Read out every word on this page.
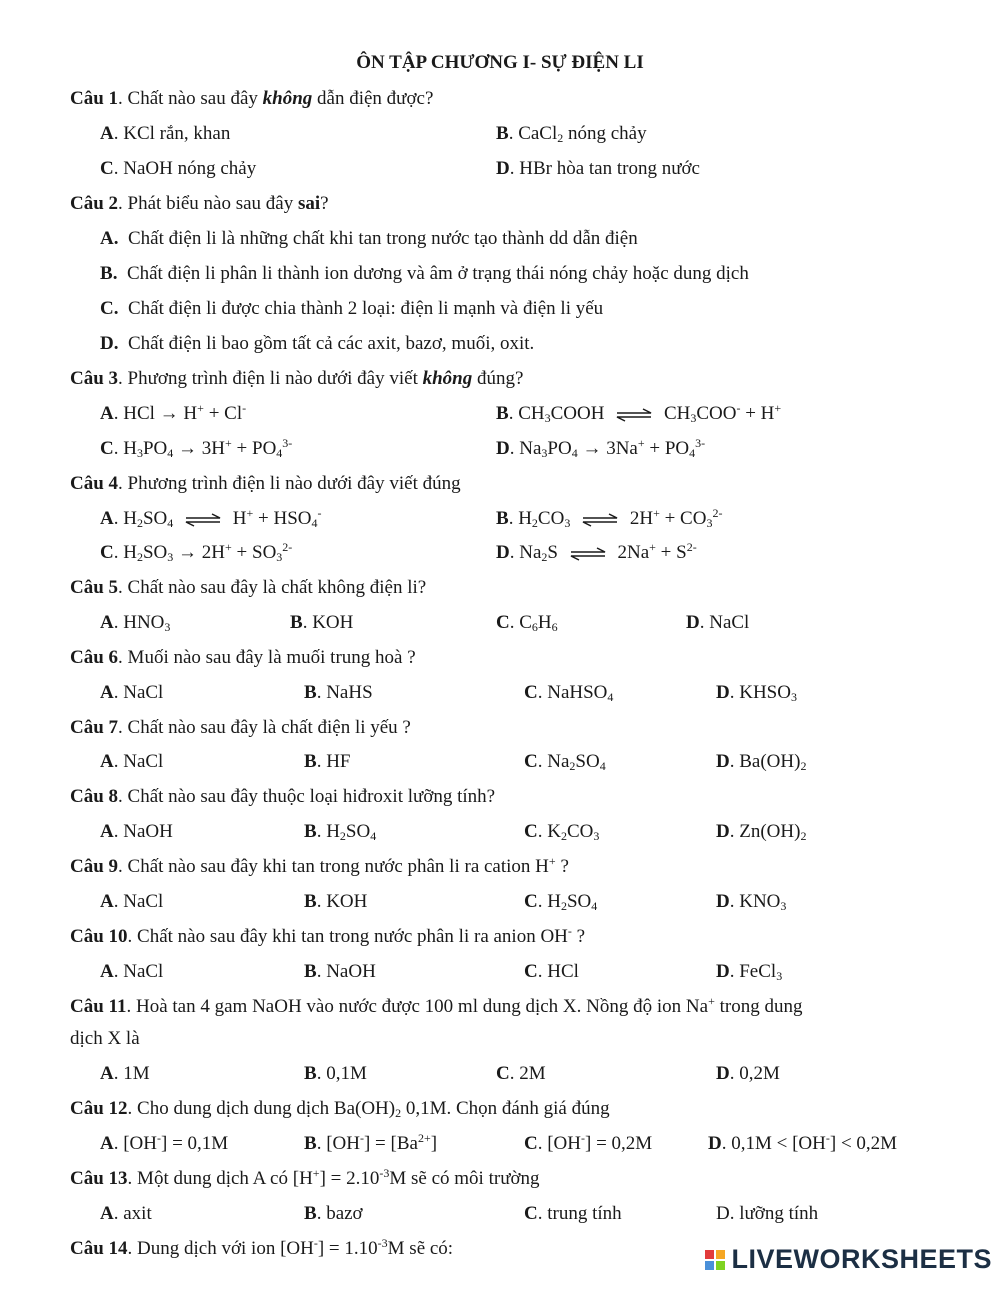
ÔN TẬP CHƯƠNG I- SỰ ĐIỆN LI
Câu 1. Chất nào sau đây không dẫn điện được?
A. KCl rắn, khan	B. CaCl$_2$ nóng chảy
C. NaOH nóng chảy	D. HBr hòa tan trong nước
Câu 2. Phát biểu nào sau đây sai?
A. Chất điện li là những chất khi tan trong nước tạo thành dd dẫn điện
B. Chất điện li phân li thành ion dương và âm ở trạng thái nóng chảy hoặc dung dịch
C. Chất điện li được chia thành 2 loại: điện li mạnh và điện li yếu
D. Chất điện li bao gồm tất cả các axit, bazơ, muối, oxit.
Câu 3. Phương trình điện li nào dưới đây viết không đúng?
A. HCl → H+ + Cl-	B. $CH_3COOH$ ⇌ $CH_3COO^- + H^+$
C. $H_3PO_4 \to 3H^+ + PO_4^{3-}$	D. $Na_3PO_4 \to 3Na^+ + PO_4^{3-}$
Câu 4. Phương trình điện li nào dưới đây viết đúng
A. $H_2SO_4$ ⇌ $H^+ + HSO_4^-$	B. $H_2CO_3$ ⇌ $2H^+ + CO_3^{2-}$
C. $H_2SO_3 \to 2H^+ + SO_3^{2-}$	D. $Na_2S$ ⇌ $2Na^+ + S^{2-}$
Câu 5. Chất nào sau đây là chất không điện li?
A. $HNO_3$	B. KOH	C. $C_6H_6$	D. NaCl
Câu 6. Muối nào sau đây là muối trung hoà ?
A. NaCl	B. NaHS	C. NaHSO$_4$	D. $KHSO_3$
Câu 7. Chất nào sau đây là chất điện li yếu ?
A. NaCl	B. HF	C. $Na_2SO_4$	D. $Ba(OH)_2$
Câu 8. Chất nào sau đây thuộc loại hiđroxit lưỡng tính?
A. NaOH	B. $H_2SO_4$	C. $K_2CO_3$	D. $Zn(OH)_2$
Câu 9. Chất nào sau đây khi tan trong nước phân li ra cation H+ ?
A. NaCl	B. KOH	C. $H_2SO_4$	D. $KNO_3$
Câu 10. Chất nào sau đây khi tan trong nước phân li ra anion OH- ?
A. NaCl	B. NaOH	C. HCl	D. FeCl$_3$
Câu 11. Hoà tan 4 gam NaOH vào nước được 100 ml dung dịch X. Nồng độ ion Na+ trong dung
dịch X là
A. 1M	B. 0,1M	C. 2M	D. 0,2M
Câu 12. Cho dung dịch dung dịch $Ba(OH)_2$ 0,1M. Chọn đánh giá đúng
A. [OH-] = 0,1M	B. $[OH^-] = [Ba^{2+}]$	C. [OH-] = 0,2M	D. 0,1M < [OH-] < 0,2M
Câu 13. Một dung dịch A có $[H^+] = 2.10^{-3}M$ sẽ có môi trường
A. axit	B. bazơ	C. trung tính	D. lưỡng tính
Câu 14. Dung dịch với ion $[OH^-] = 1.10^{-3}M$ sẽ có:	LIVEWORKSHEETS
